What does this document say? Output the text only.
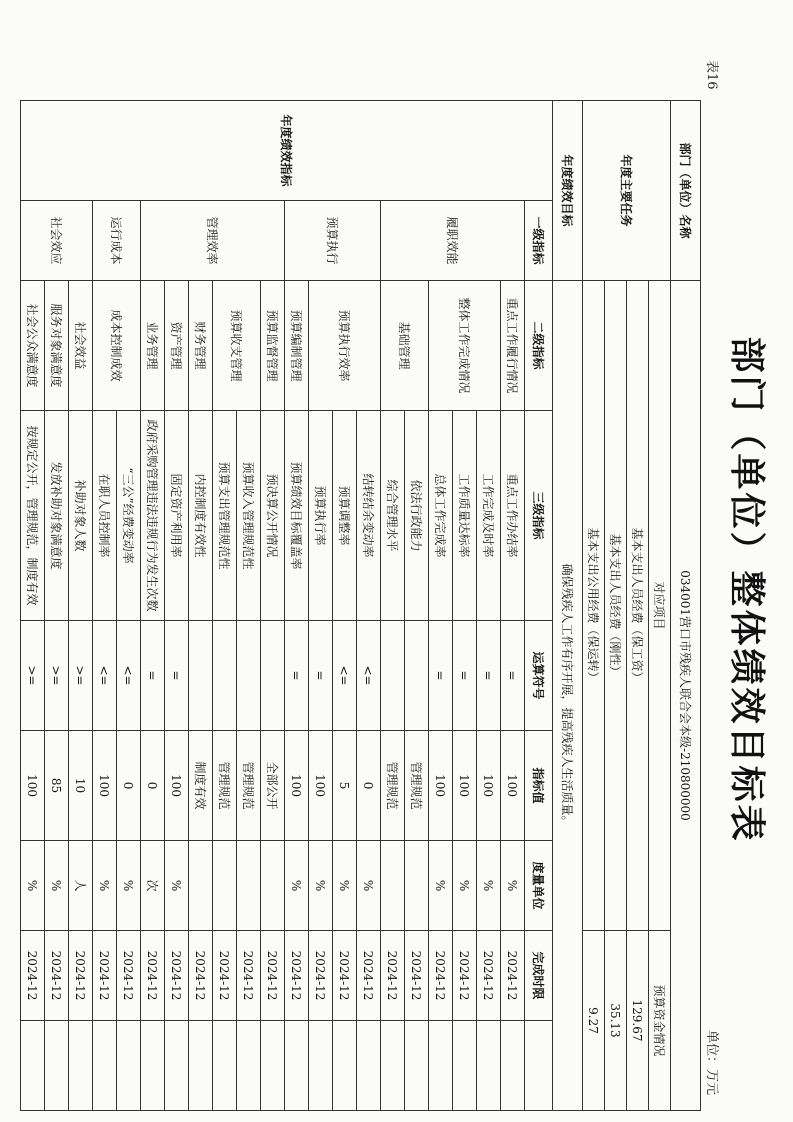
表16
部门（单位）整体绩效目标表
单位：万元
部门（单位）名称		034001营口市残疾人联合会本级-210800000						
年度主要任务		对应项目					预算资金情况	
		基本支出人员经费（保工资）					129.67	
		基本支出人员经费（刚性）					35.13	
		基本支出公用经费（保运转）					9.27	
年度绩效目标		确保残疾人工作有序开展，提高残疾人生活质量。						
年度绩效指标	一级指标	二级指标	三级指标	运算符号	指标值	度量单位	完成时限	
	履职效能	重点工作履行情况	重点工作办结率	=	100	%	2024-12	
		整体工作完成情况	工作完成及时率	=	100	%	2024-12	
			工作质量达标率	=	100	%	2024-12	
			总体工作完成率	=	100	%	2024-12	
		基础管理	依法行政能力		管理规范		2024-12	
			综合管理水平		管理规范		2024-12	
	预算执行	预算执行效率	结转结余变动率	<=	0	%	2024-12	
			预算调整率	<=	5	%	2024-12	
			预算执行率	=	100	%	2024-12	
		预算编制管理	预算绩效目标覆盖率	=	100	%	2024-12	
	管理效率	预算监督管理	预决算公开情况		全部公开		2024-12	
		预算收支管理	预算收入管理规范性		管理规范		2024-12	
			预算支出管理规范性		管理规范		2024-12	
		财务管理	内控制度有效性		制度有效		2024-12	
		资产管理	固定资产利用率	=	100	%	2024-12	
		业务管理	政府采购管理违法违规行为发生次数	=	0	次	2024-12	
	运行成本	成本控制成效	“三公”经费变动率	<=	0	%	2024-12	
			在职人员控制率	<=	100	%	2024-12	
	社会效应	社会效益	补助对象人数	>=	10	人	2024-12	
		服务对象满意度	发放补助对象满意度	>=	85	%	2024-12	
		社会公众满意度	按规定公开，管理规范，制度有效	>=	100	%	2024-12	
